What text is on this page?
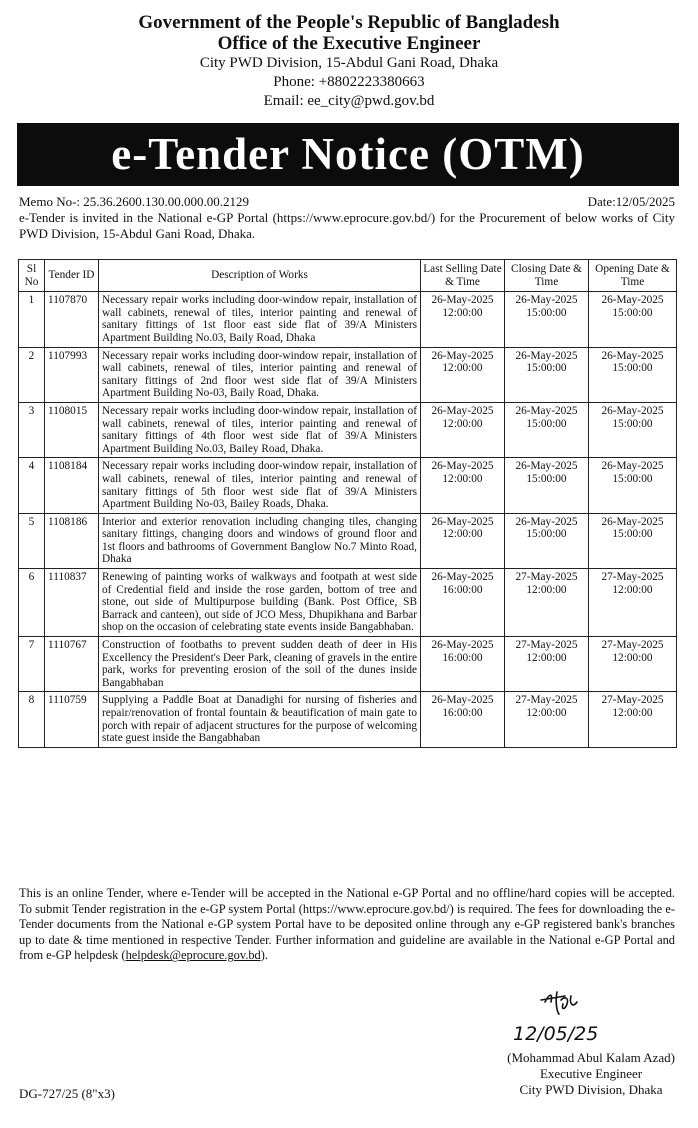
Government of the People's Republic of Bangladesh
Office of the Executive Engineer
City PWD Division, 15-Abdul Gani Road, Dhaka
Phone: +8802223380663
Email: ee_city@pwd.gov.bd
e-Tender Notice (OTM)
Memo No-: 25.36.2600.130.00.000.00.2129	Date:12/05/2025
e-Tender is invited in the National e-GP Portal (https://www.eprocure.gov.bd/) for the Procurement of below works of City PWD Division, 15-Abdul Gani Road, Dhaka.
Sl No	Tender ID	Description of Works	Last Selling Date & Time	Closing Date & Time	Opening Date & Time
1	1107870	Necessary repair works including door-window repair, installation of wall cabinets, renewal of tiles, interior painting and renewal of sanitary fittings of 1st floor east side flat of 39/A Ministers Apartment Building No.03, Baily Road, Dhaka	26-May-2025 12:00:00	26-May-2025 15:00:00	26-May-2025 15:00:00
2	1107993	Necessary repair works including door-window repair, installation of wall cabinets, renewal of tiles, interior painting and renewal of sanitary fittings of 2nd floor west side flat of 39/A Ministers Apartment Building No-03, Baily Road, Dhaka.	26-May-2025 12:00:00	26-May-2025 15:00:00	26-May-2025 15:00:00
3	1108015	Necessary repair works including door-window repair, installation of wall cabinets, renewal of tiles, interior painting and renewal of sanitary fittings of 4th floor west side flat of 39/A Ministers Apartment Building No.03, Bailey Road, Dhaka.	26-May-2025 12:00:00	26-May-2025 15:00:00	26-May-2025 15:00:00
4	1108184	Necessary repair works including door-window repair, installation of wall cabinets, renewal of tiles, interior painting and renewal of sanitary fittings of 5th floor west side flat of 39/A Ministers Apartment Building No-03, Bailey Roads, Dhaka.	26-May-2025 12:00:00	26-May-2025 15:00:00	26-May-2025 15:00:00
5	1108186	Interior and exterior renovation including changing tiles, changing sanitary fittings, changing doors and windows of ground floor and 1st floors and bathrooms of Government Banglow No.7 Minto Road, Dhaka	26-May-2025 12:00:00	26-May-2025 15:00:00	26-May-2025 15:00:00
6	1110837	Renewing of painting works of walkways and footpath at west side of Credential field and inside the rose garden, bottom of tree and stone, out side of Multipurpose building (Bank. Post Office, SB Barrack and canteen), out side of JCO Mess, Dhupikhana and Barbar shop on the occasion of celebrating state events inside Bangabhaban.	26-May-2025 16:00:00	27-May-2025 12:00:00	27-May-2025 12:00:00
7	1110767	Construction of footbaths to prevent sudden death of deer in His Excellency the President's Deer Park, cleaning of gravels in the entire park, works for preventing erosion of the soil of the dunes inside Bangabhaban	26-May-2025 16:00:00	27-May-2025 12:00:00	27-May-2025 12:00:00
8	1110759	Supplying a Paddle Boat at Danadighi for nursing of fisheries and repair/renovation of frontal fountain & beautification of main gate to porch with repair of adjacent structures for the purpose of welcoming state guest inside the Bangabhaban	26-May-2025 16:00:00	27-May-2025 12:00:00	27-May-2025 12:00:00
This is an online Tender, where e-Tender will be accepted in the National e-GP Portal and no offline/hard copies will be accepted. To submit Tender registration in the e-GP system Portal (https://www.eprocure.gov.bd/) is required. The fees for downloading the e-Tender documents from the National e-GP system Portal have to be deposited online through any e-GP registered bank's branches up to date & time mentioned in respective Tender. Further information and guideline are available in the National e-GP Portal and from e-GP helpdesk (helpdesk@eprocure.gov.bd).
12/05/25
(Mohammad Abul Kalam Azad)
Executive Engineer
City PWD Division, Dhaka
DG-727/25 (8"x3)
